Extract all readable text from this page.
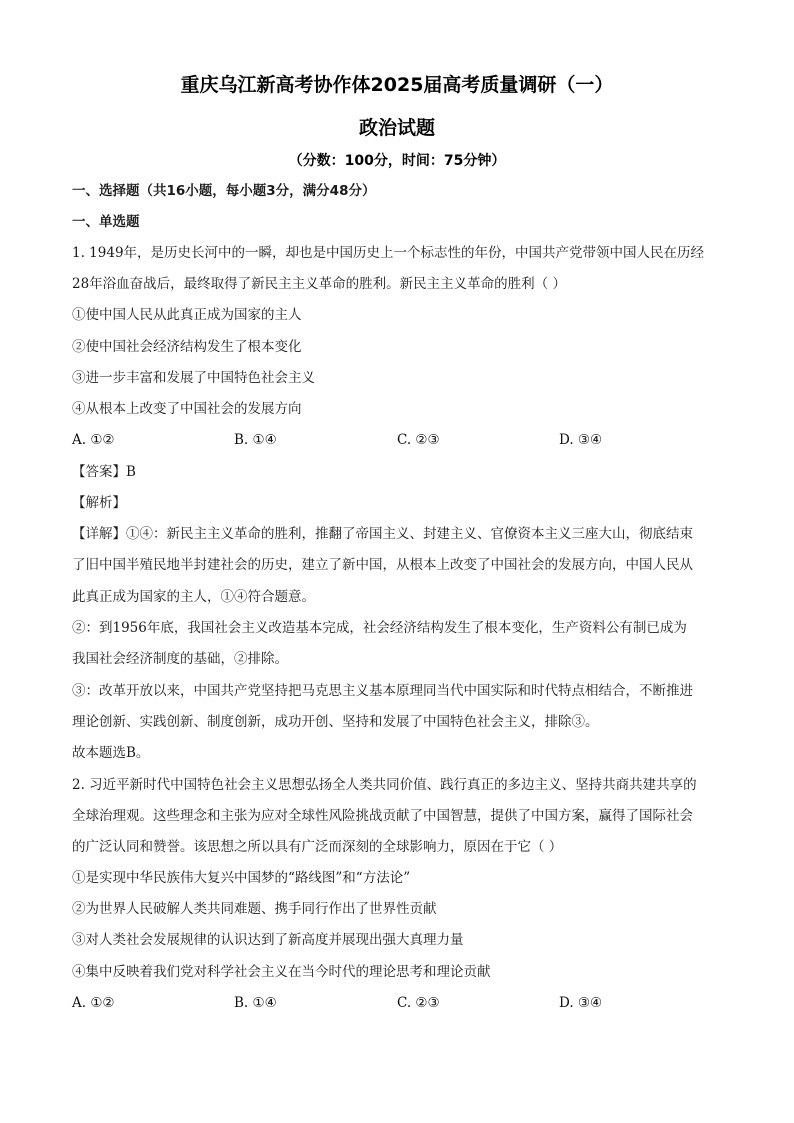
重庆乌江新高考协作体2025届高考质量调研（一）
政治试题
（分数：100分，时间：75分钟）
一、选择题（共16小题，每小题3分，满分48分）
一、单选题
1. 1949年，是历史长河中的一瞬，却也是中国历史上一个标志性的年份，中国共产党带领中国人民在历经
28年浴血奋战后，最终取得了新民主主义革命的胜利。新民主主义革命的胜利（ ）
①使中国人民从此真正成为国家的主人
②使中国社会经济结构发生了根本变化
③进一步丰富和发展了中国特色社会主义
④从根本上改变了中国社会的发展方向
A. ①②	B. ①④	C. ②③	D. ③④
【答案】B
【解析】
【详解】①④：新民主主义革命的胜利，推翻了帝国主义、封建主义、官僚资本主义三座大山，彻底结束
了旧中国半殖民地半封建社会的历史，建立了新中国，从根本上改变了中国社会的发展方向，中国人民从
此真正成为国家的主人，①④符合题意。
②：到1956年底，我国社会主义改造基本完成，社会经济结构发生了根本变化，生产资料公有制已成为
我国社会经济制度的基础，②排除。
③：改革开放以来，中国共产党坚持把马克思主义基本原理同当代中国实际和时代特点相结合，不断推进
理论创新、实践创新、制度创新，成功开创、坚持和发展了中国特色社会主义，排除③。
故本题选B。
2. 习近平新时代中国特色社会主义思想弘扬全人类共同价值、践行真正的多边主义、坚持共商共建共享的
全球治理观。这些理念和主张为应对全球性风险挑战贡献了中国智慧，提供了中国方案，赢得了国际社会
的广泛认同和赞誉。该思想之所以具有广泛而深刻的全球影响力，原因在于它（ ）
①是实现中华民族伟大复兴中国梦的“路线图”和“方法论”
②为世界人民破解人类共同难题、携手同行作出了世界性贡献
③对人类社会发展规律的认识达到了新高度并展现出强大真理力量
④集中反映着我们党对科学社会主义在当今时代的理论思考和理论贡献
A. ①②	B. ①④	C. ②③	D. ③④
